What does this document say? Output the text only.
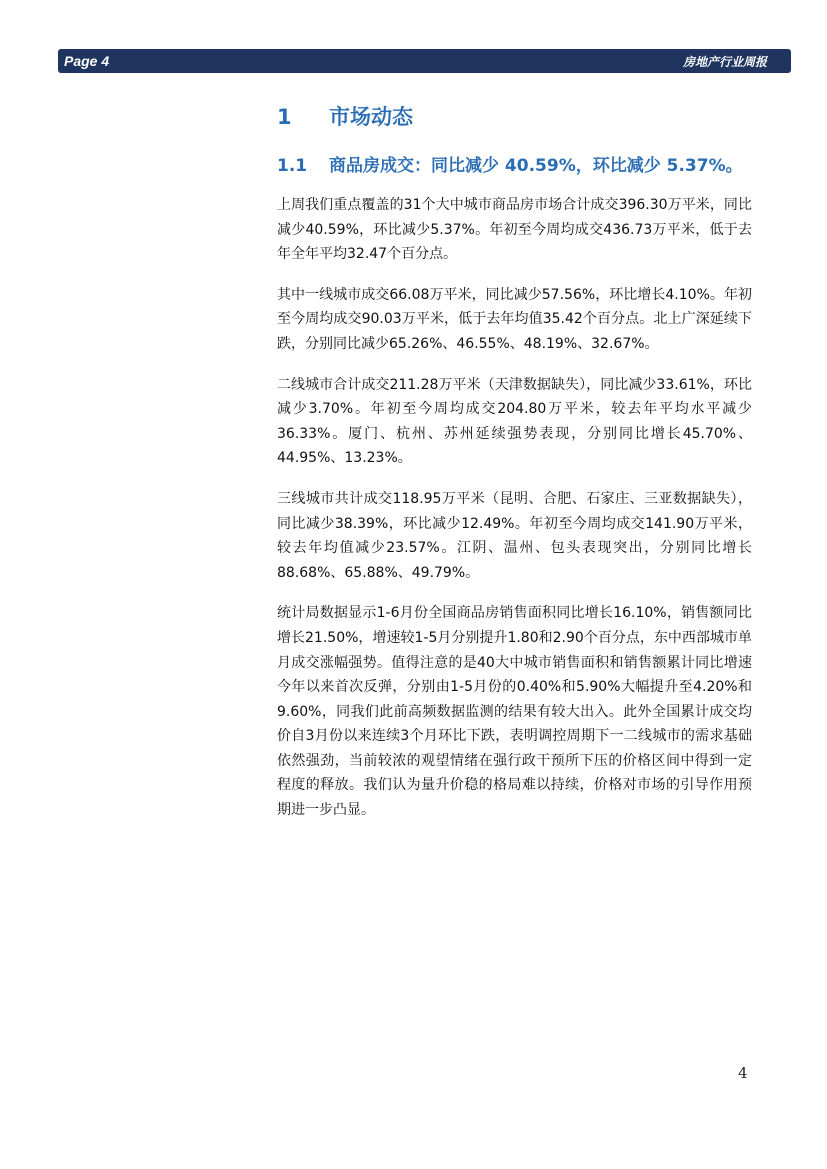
Page 4	房地产行业周报
1 市场动态
1.1 商品房成交：同比减少 40.59%，环比减少 5.37%。

上周我们重点覆盖的31个大中城市商品房市场合计成交396.30万平米，同比减少40.59%，环比减少5.37%。年初至今周均成交436.73万平米，低于去年全年平均32.47个百分点。

其中一线城市成交66.08万平米，同比减少57.56%，环比增长4.10%。年初至今周均成交90.03万平米，低于去年均值35.42个百分点。北上广深延续下跌，分别同比减少65.26%、46.55%、48.19%、32.67%。

二线城市合计成交211.28万平米（天津数据缺失），同比减少33.61%，环比减少3.70%。年初至今周均成交204.80万平米，较去年平均水平减少36.33%。厦门、杭州、苏州延续强势表现，分别同比增长45.70%、44.95%、13.23%。

三线城市共计成交118.95万平米（昆明、合肥、石家庄、三亚数据缺失），同比减少38.39%，环比减少12.49%。年初至今周均成交141.90万平米，较去年均值减少23.57%。江阴、温州、包头表现突出，分别同比增长88.68%、65.88%、49.79%。

统计局数据显示1-6月份全国商品房销售面积同比增长16.10%，销售额同比增长21.50%，增速较1-5月分别提升1.80和2.90个百分点，东中西部城市单月成交涨幅强势。值得注意的是40大中城市销售面积和销售额累计同比增速今年以来首次反弹，分别由1-5月份的0.40%和5.90%大幅提升至4.20%和9.60%，同我们此前高频数据监测的结果有较大出入。此外全国累计成交均价自3月份以来连续3个月环比下跌，表明调控周期下一二线城市的需求基础依然强劲，当前较浓的观望情绪在强行政干预所下压的价格区间中得到一定程度的释放。我们认为量升价稳的格局难以持续，价格对市场的引导作用预期进一步凸显。

4
